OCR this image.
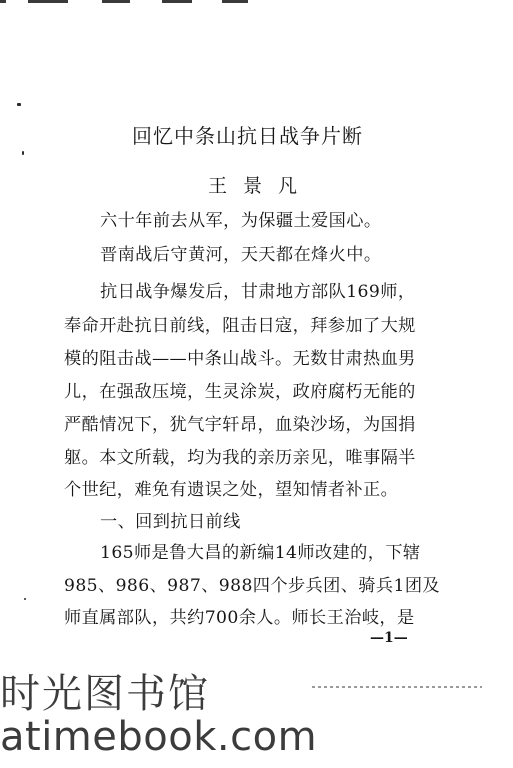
回忆中条山抗日战争片断
王景凡
六十年前去从军，为保疆土爱国心。
晋南战后守黄河，天天都在烽火中。
抗日战争爆发后，甘肃地方部队169师，
奉命开赴抗日前线，阻击日寇，拜参加了大规
模的阻击战——中条山战斗。无数甘肃热血男
儿，在强敌压境，生灵涂炭，政府腐朽无能的
严酷情况下，犹气宇轩昂，血染沙场，为国捐
躯。本文所载，均为我的亲历亲见，唯事隔半
个世纪，难免有遗误之处，望知情者补正。
一、回到抗日前线
165师是鲁大昌的新编14师改建的，下辖
985、986、987、988四个步兵团、骑兵1团及
师直属部队，共约700余人。师长王治岐，是
—1—
时光图书馆
atimebook.com
